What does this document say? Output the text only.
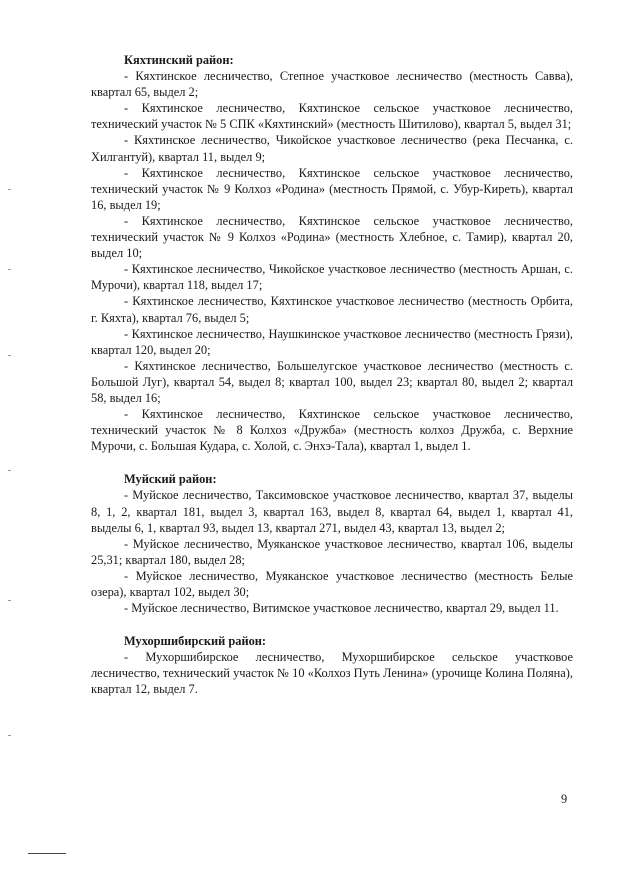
Кяхтинский район:

- Кяхтинское лесничество, Степное участковое лесничество (местность Савва), квартал 65, выдел 2;

- Кяхтинское лесничество, Кяхтинское сельское участковое лесничество, технический участок № 5 СПК «Кяхтинский» (местность Шитилово), квартал 5, выдел 31;

- Кяхтинское лесничество, Чикойское участковое лесничество (река Песчанка, с. Хилгантуй), квартал 11, выдел 9;

- Кяхтинское лесничество, Кяхтинское сельское участковое лесничество, технический участок № 9 Колхоз «Родина» (местность Прямой, с. Убур-Киреть), квартал 16, выдел 19;

- Кяхтинское лесничество, Кяхтинское сельское участковое лесничество, технический участок № 9 Колхоз «Родина» (местность Хлебное, с. Тамир), квартал 20, выдел 10;

- Кяхтинское лесничество, Чикойское участковое лесничество (местность Аршан, с. Мурочи), квартал 118, выдел 17;

- Кяхтинское лесничество, Кяхтинское участковое лесничество (местность Орбита, г. Кяхта), квартал 76, выдел 5;

- Кяхтинское лесничество, Наушкинское участковое лесничество (местность Грязи), квартал 120, выдел 20;

- Кяхтинское лесничество, Большелугское участковое лесничество (местность с. Большой Луг), квартал 54, выдел 8; квартал 100, выдел 23; квартал 80, выдел 2; квартал 58, выдел 16;

- Кяхтинское лесничество, Кяхтинское сельское участковое лесничество, технический участок № 8 Колхоз «Дружба» (местность колхоз Дружба, с. Верхние Мурочи, с. Большая Кудара, с. Холой, с. Энхэ-Тала), квартал 1, выдел 1.

Муйский район:

- Муйское лесничество, Таксимовское участковое лесничество, квартал 37, выделы 8, 1, 2, квартал 181, выдел 3, квартал 163, выдел 8, квартал 64, выдел 1, квартал 41, выделы 6, 1, квартал 93, выдел 13, квартал 271, выдел 43, квартал 13, выдел 2;

- Муйское лесничество, Муяканское участковое лесничество, квартал 106, выделы 25,31; квартал 180, выдел 28;

- Муйское лесничество, Муяканское участковое лесничество (местность Белые озера), квартал 102, выдел 30;

- Муйское лесничество, Витимское участковое лесничество, квартал 29, выдел 11.

Мухоршибирский район:

- Мухоршибирское лесничество, Мухоршибирское сельское участковое лесничество, технический участок № 10 «Колхоз Путь Ленина» (урочище Колина Поляна), квартал 12, выдел 7.

9
